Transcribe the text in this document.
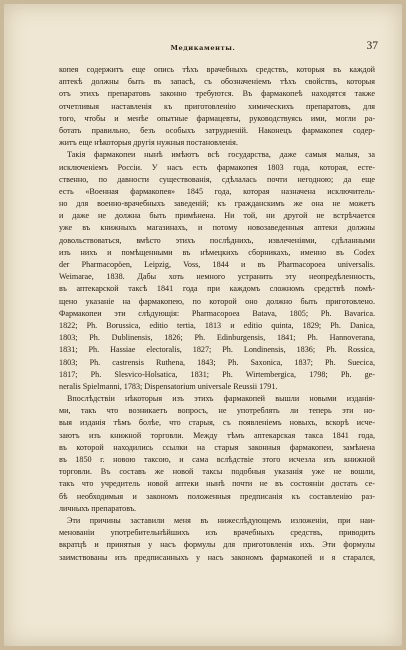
37
Медикаменты.
копея содержитъ еще опись тѣхъ врачебныхъ средствъ, которыя въ каждой
аптекѣ должны быть въ запасѣ, съ обозначеніемъ тѣхъ свойствъ, которыя
отъ этихъ препаратовъ законно требуются. Въ фармакопеѣ находятся также
отчетливыя наставленія къ приготовленію химическихъ препаратовъ, для
того, чтобы и менѣе опытные фармацевты, руководствуясь ими, могли ра-
ботать правильно, безъ особыхъ затрудненій. Наконецъ фармакопея содер-
житъ еще нѣкоторыя другія нужныя постановленія.
Такія фармакопеи нынѣ имѣютъ всѣ государства, даже самыя малыя, за
исключеніемъ Россіи. У насъ есть фармакопея 1803 года, которая, есте-
ственно, по давности существованія, сдѣлалась почти негодною; да еще
есть «Военная фармакопея» 1845 года, которая назначена исключитель-
но для военно-врачебныхъ заведеній; къ гражданскимъ же она не можетъ
и даже не должна быть примѣнена. Ни той, ни другой не встрѣчается
уже въ книжныхъ магазинахъ, и потому новозаведенныя аптеки должны
довольствоваться, вмѣсто этихъ послѣднихъ, извлеченіями, сдѣланными
изъ нихъ и помѣщенными въ нѣмецкихъ сборникахъ, именно въ Codex
der Pharmacopöen, Leipzig, Voss, 1844 и въ Pharmacopoea universalis.
Weimarae, 1838. Дабы хоть немного устранить эту неопредѣленность,
въ аптекарской таксѣ 1841 года при каждомъ сложномъ средствѣ помѣ-
щено указаніе на фармакопею, по которой оно должно быть приготовлено.
Фармакопеи эти слѣдующія: Pharmacopoea Batava, 1805; Ph. Bavarica.
1822; Ph. Borussica, editio tertia, 1813 и editio quinta, 1829; Ph. Danica,
1803; Ph. Dublinensis, 1826; Ph. Edinburgensis, 1841; Ph. Hannoverana,
1831; Ph. Hassiae electoralis, 1827; Ph. Londinensis, 1836; Ph. Rossica,
1803; Ph. castrensis Ruthena, 1843; Ph. Saxonica, 1837; Ph. Suecica,
1817; Ph. Slesvico-Holsatica, 1831; Ph. Wirtembergica, 1798; Ph. ge-
neralis Spielmanni, 1783; Dispensatorium universale Reussii 1791.
Впослѣдствіи нѣкоторыя изъ этихъ фармакопей вышли новыми изданія-
ми, такъ что возникаетъ вопросъ, не употреблять ли теперь эти но-
выя изданія тѣмъ болѣе, что старыя, съ появленіемъ новыхъ, вскорѣ исче-
заютъ изъ книжной торговли. Между тѣмъ аптекарская такса 1841 года,
въ которой находились ссылки на старыя законныя фармакопеи, замѣнена
въ 1850 г. новою таксою, и сама вслѣдствіе этого исчезла изъ книжной
торговли. Въ составъ же новой таксы подобныя указанія уже не вошли,
такъ что учредитель новой аптеки нынѣ почти не въ состояніи достать се-
бѣ необходимыя и закономъ положенныя предписанія къ составленію раз-
личныхъ препаратовъ.
Эти причины заставили меня въ нижеслѣдующемъ изложеніи, при наи-
менованіи употребительнѣйшихъ изъ врачебныхъ средствъ, приводить
вкратцѣ и принятыя у насъ формулы для приготовленія ихъ. Эти формулы
заимствованы изъ предписанныхъ у насъ закономъ фармакопей и я старался,
